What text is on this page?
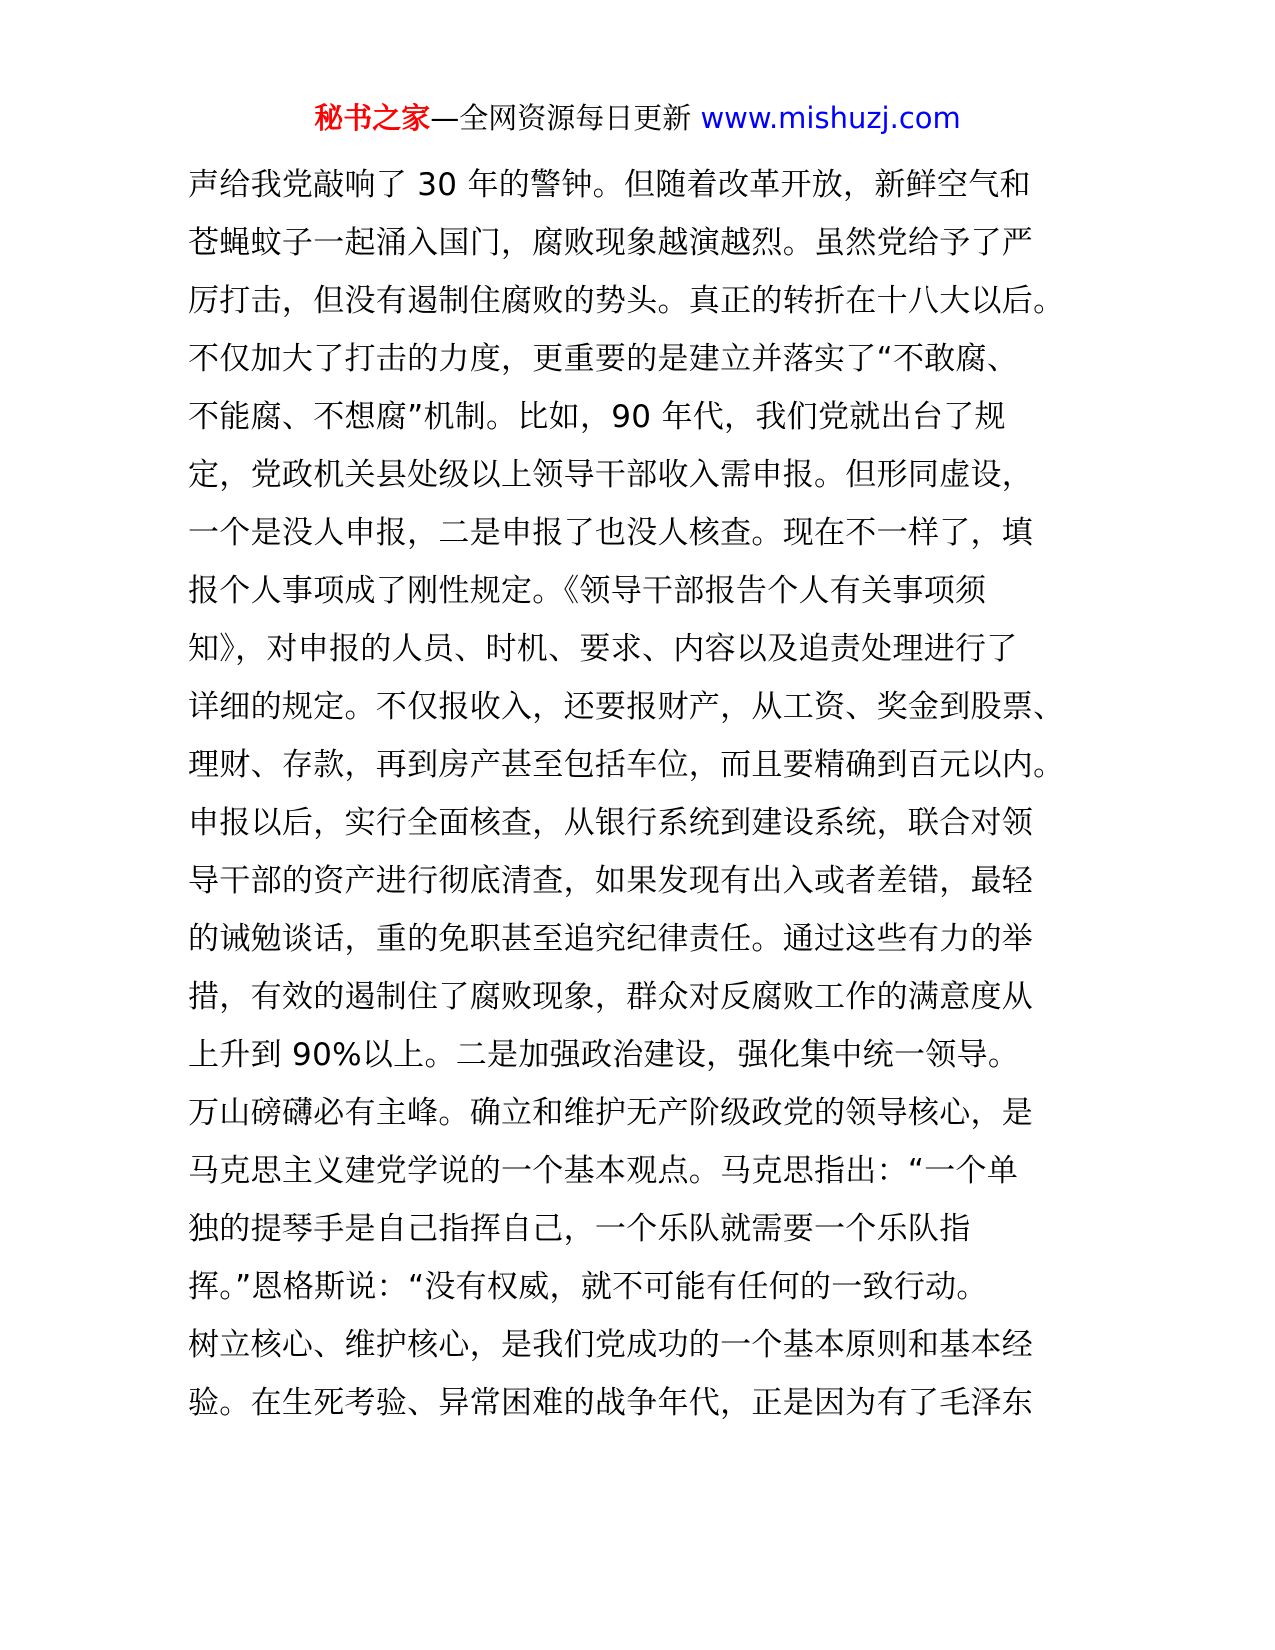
秘书之家—全网资源每日更新 www.mishuzj.com
声给我党敲响了 30 年的警钟。但随着改革开放，新鲜空气和
苍蝇蚊子一起涌入国门，腐败现象越演越烈。虽然党给予了严
厉打击，但没有遏制住腐败的势头。真正的转折在十八大以后。
不仅加大了打击的力度，更重要的是建立并落实了“不敢腐、
不能腐、不想腐”机制。比如，90 年代，我们党就出台了规
定，党政机关县处级以上领导干部收入需申报。但形同虚设，
一个是没人申报，二是申报了也没人核查。现在不一样了，填
报个人事项成了刚性规定。《领导干部报告个人有关事项须
知》，对申报的人员、时机、要求、内容以及追责处理进行了
详细的规定。不仅报收入，还要报财产，从工资、奖金到股票、
理财、存款，再到房产甚至包括车位，而且要精确到百元以内。
申报以后，实行全面核查，从银行系统到建设系统，联合对领
导干部的资产进行彻底清查，如果发现有出入或者差错，最轻
的诫勉谈话，重的免职甚至追究纪律责任。通过这些有力的举
措，有效的遏制住了腐败现象，群众对反腐败工作的满意度从
上升到 90%以上。二是加强政治建设，强化集中统一领导。
万山磅礴必有主峰。确立和维护无产阶级政党的领导核心，是
马克思主义建党学说的一个基本观点。马克思指出：“一个单
独的提琴手是自己指挥自己，一个乐队就需要一个乐队指
挥。”恩格斯说：“没有权威，就不可能有任何的一致行动。
树立核心、维护核心，是我们党成功的一个基本原则和基本经
验。在生死考验、异常困难的战争年代，正是因为有了毛泽东
